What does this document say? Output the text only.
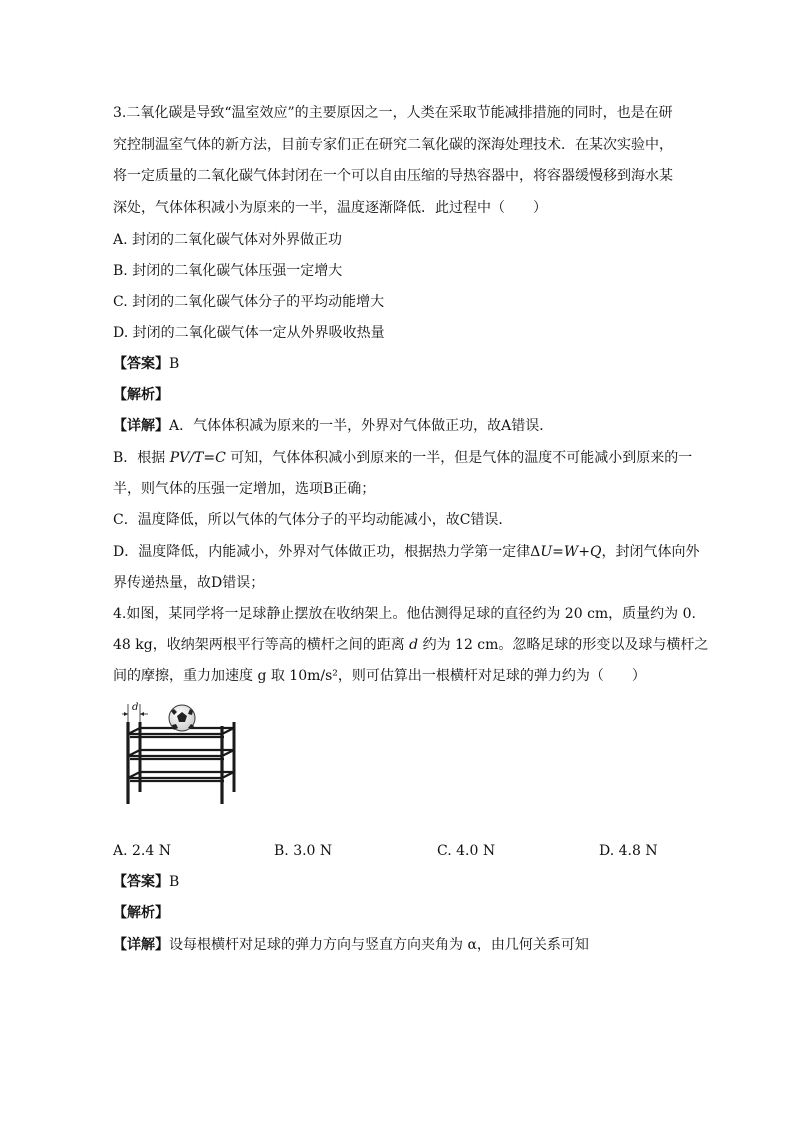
3.二氧化碳是导致“温室效应”的主要原因之一，人类在采取节能减排措施的同时，也是在研
究控制温室气体的新方法，目前专家们正在研究二氧化碳的深海处理技术．在某次实验中，
将一定质量的二氧化碳气体封闭在一个可以自由压缩的导热容器中，将容器缓慢移到海水某
深处，气体体积减小为原来的一半，温度逐渐降低．此过程中（　　）
A. 封闭的二氧化碳气体对外界做正功
B. 封闭的二氧化碳气体压强一定增大
C. 封闭的二氧化碳气体分子的平均动能增大
D. 封闭的二氧化碳气体一定从外界吸收热量
【答案】B
【解析】
【详解】A．气体体积减为原来的一半，外界对气体做正功，故A错误．
B．根据 PV/T=C 可知，气体体积减小到原来的一半，但是气体的温度不可能减小到原来的一
半，则气体的压强一定增加，选项B正确；
C．温度降低，所以气体的气体分子的平均动能减小，故C错误．
D．温度降低，内能减小，外界对气体做正功，根据热力学第一定律ΔU=W+Q，封闭气体向外
界传递热量，故D错误；
4.如图，某同学将一足球静止摆放在收纳架上。他估测得足球的直径约为 20 cm，质量约为 0.
48 kg，收纳架两根平行等高的横杆之间的距离 d 约为 12 cm。忽略足球的形变以及球与横杆之
间的摩擦，重力加速度 g 取 10m/s²，则可估算出一根横杆对足球的弹力约为（　　）
d
A. 2.4 N	B. 3.0 N	C. 4.0 N	D. 4.8 N
【答案】B
【解析】
【详解】设每根横杆对足球的弹力方向与竖直方向夹角为 α，由几何关系可知
